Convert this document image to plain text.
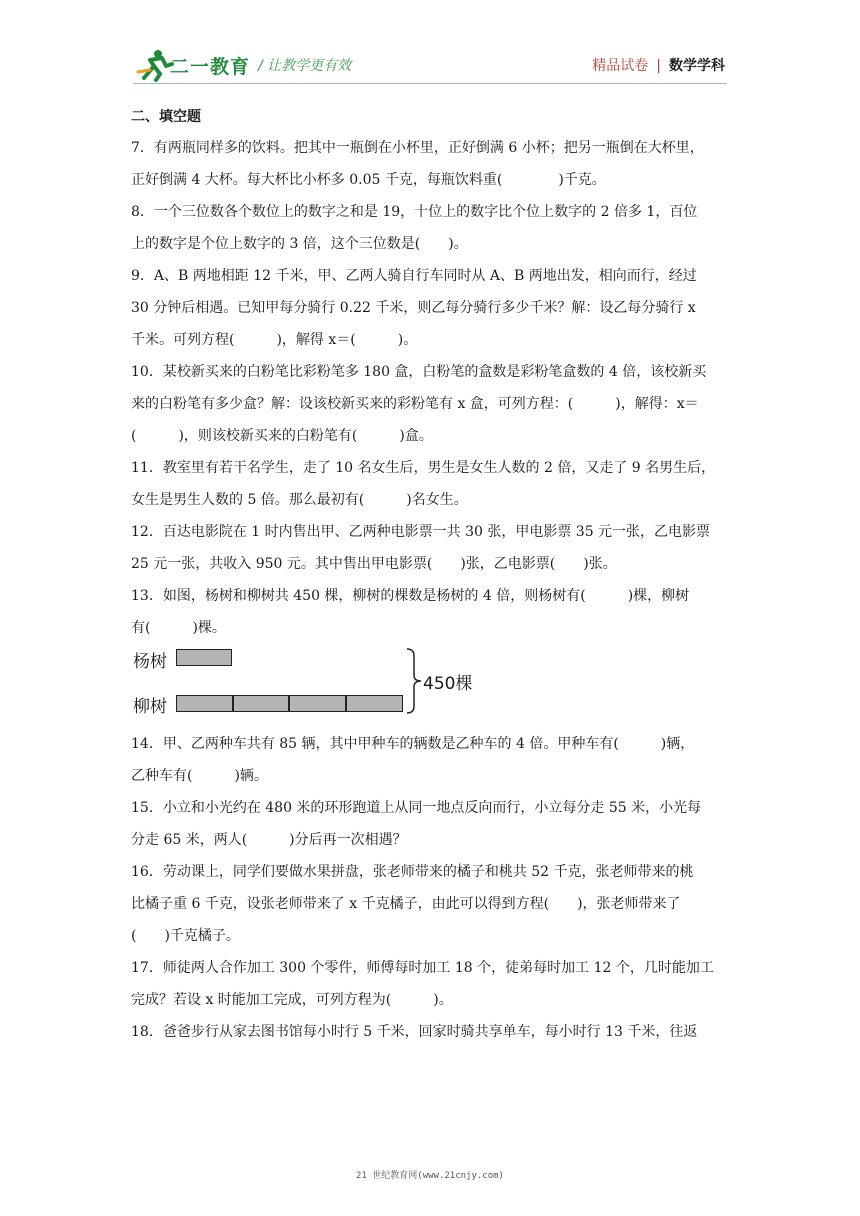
二一教育 / 让教学更有效	精品试卷 | 数学学科
二、填空题
7．有两瓶同样多的饮料。把其中一瓶倒在小杯里，正好倒满 6 小杯；把另一瓶倒在大杯里，
正好倒满 4 大杯。每大杯比小杯多 0.05 千克，每瓶饮料重(　　　　)千克。
8．一个三位数各个数位上的数字之和是 19，十位上的数字比个位上数字的 2 倍多 1，百位
上的数字是个位上数字的 3 倍，这个三位数是(　　)。
9．A、B 两地相距 12 千米，甲、乙两人骑自行车同时从 A、B 两地出发，相向而行，经过
30 分钟后相遇。已知甲每分骑行 0.22 千米，则乙每分骑行多少千米？解：设乙每分骑行 x
千米。可列方程(　　　)，解得 x＝(　　　)。
10．某校新买来的白粉笔比彩粉笔多 180 盒，白粉笔的盒数是彩粉笔盒数的 4 倍，该校新买
来的白粉笔有多少盒？解：设该校新买来的彩粉笔有 x 盒，可列方程：(　　　)，解得：x＝
(　　　)，则该校新买来的白粉笔有(　　　)盒。
11．教室里有若干名学生，走了 10 名女生后，男生是女生人数的 2 倍，又走了 9 名男生后，
女生是男生人数的 5 倍。那么最初有(　　　)名女生。
12．百达电影院在 1 时内售出甲、乙两种电影票一共 30 张，甲电影票 35 元一张，乙电影票
25 元一张，共收入 950 元。其中售出甲电影票(　　)张，乙电影票(　　)张。
13．如图，杨树和柳树共 450 棵，柳树的棵数是杨树的 4 倍，则杨树有(　　　)棵，柳树
有(　　　)棵。
杨树
柳树
450棵
14．甲、乙两种车共有 85 辆，其中甲种车的辆数是乙种车的 4 倍。甲种车有(　　　)辆，
乙种车有(　　　)辆。
15．小立和小光约在 480 米的环形跑道上从同一地点反向而行，小立每分走 55 米，小光每
分走 65 米，两人(　　　)分后再一次相遇？
16．劳动课上，同学们要做水果拼盘，张老师带来的橘子和桃共 52 千克，张老师带来的桃
比橘子重 6 千克，设张老师带来了 x 千克橘子，由此可以得到方程(　　)，张老师带来了
(　　)千克橘子。
17．师徒两人合作加工 300 个零件，师傅每时加工 18 个，徒弟每时加工 12 个，几时能加工
完成？若设 x 时能加工完成，可列方程为(　　　)。
18．爸爸步行从家去图书馆每小时行 5 千米，回家时骑共享单车，每小时行 13 千米，往返
21 世纪教育网(www.21cnjy.com)
